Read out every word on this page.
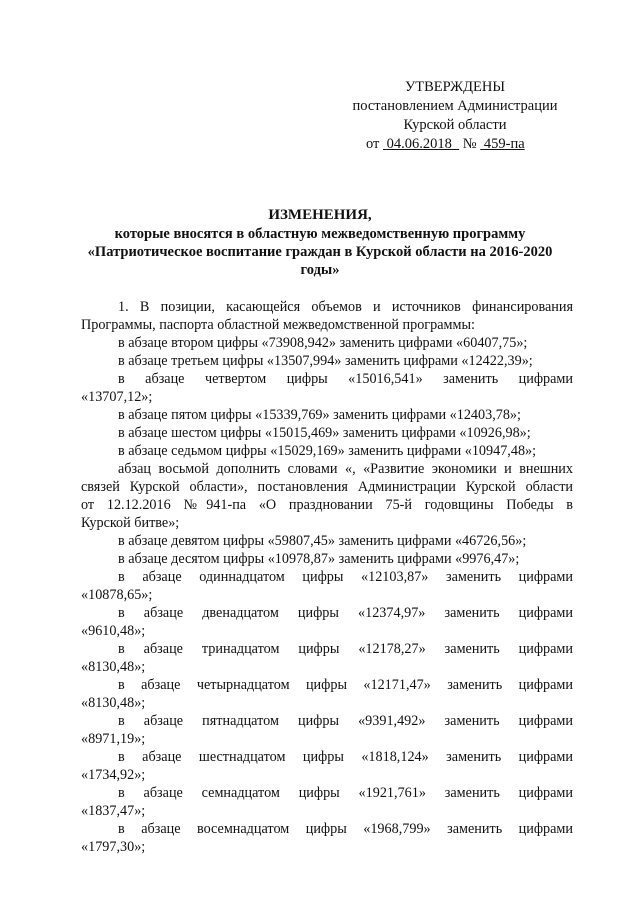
УТВЕРЖДЕНЫ
постановлением Администрации
Курской области
от 04.06.2018 № 459-па
ИЗМЕНЕНИЯ,
которые вносятся в областную межведомственную программу
«Патриотическое воспитание граждан в Курской области на 2016-2020
годы»
1. В позиции, касающейся объемов и источников финансирования
Программы, паспорта областной межведомственной программы:
в абзаце втором цифры «73908,942» заменить цифрами «60407,75»;
в абзаце третьем цифры «13507,994» заменить цифрами «12422,39»;
в абзаце четвертом цифры «15016,541» заменить цифрами
«13707,12»;
в абзаце пятом цифры «15339,769» заменить цифрами «12403,78»;
в абзаце шестом цифры «15015,469» заменить цифрами «10926,98»;
в абзаце седьмом цифры «15029,169» заменить цифрами «10947,48»;
абзац восьмой дополнить словами «, «Развитие экономики и внешних
связей Курской области», постановления Администрации Курской области
от 12.12.2016 №941-па «О праздновании 75-й годовщины Победы в
Курской битве»;
в абзаце девятом цифры «59807,45» заменить цифрами «46726,56»;
в абзаце десятом цифры «10978,87» заменить цифрами «9976,47»;
в абзаце одиннадцатом цифры «12103,87» заменить цифрами
«10878,65»;
в абзаце двенадцатом цифры «12374,97» заменить цифрами
«9610,48»;
в абзаце тринадцатом цифры «12178,27» заменить цифрами
«8130,48»;
в абзаце четырнадцатом цифры «12171,47» заменить цифрами
«8130,48»;
в абзаце пятнадцатом цифры «9391,492» заменить цифрами
«8971,19»;
в абзаце шестнадцатом цифры «1818,124» заменить цифрами
«1734,92»;
в абзаце семнадцатом цифры «1921,761» заменить цифрами
«1837,47»;
в абзаце восемнадцатом цифры «1968,799» заменить цифрами
«1797,30»;
